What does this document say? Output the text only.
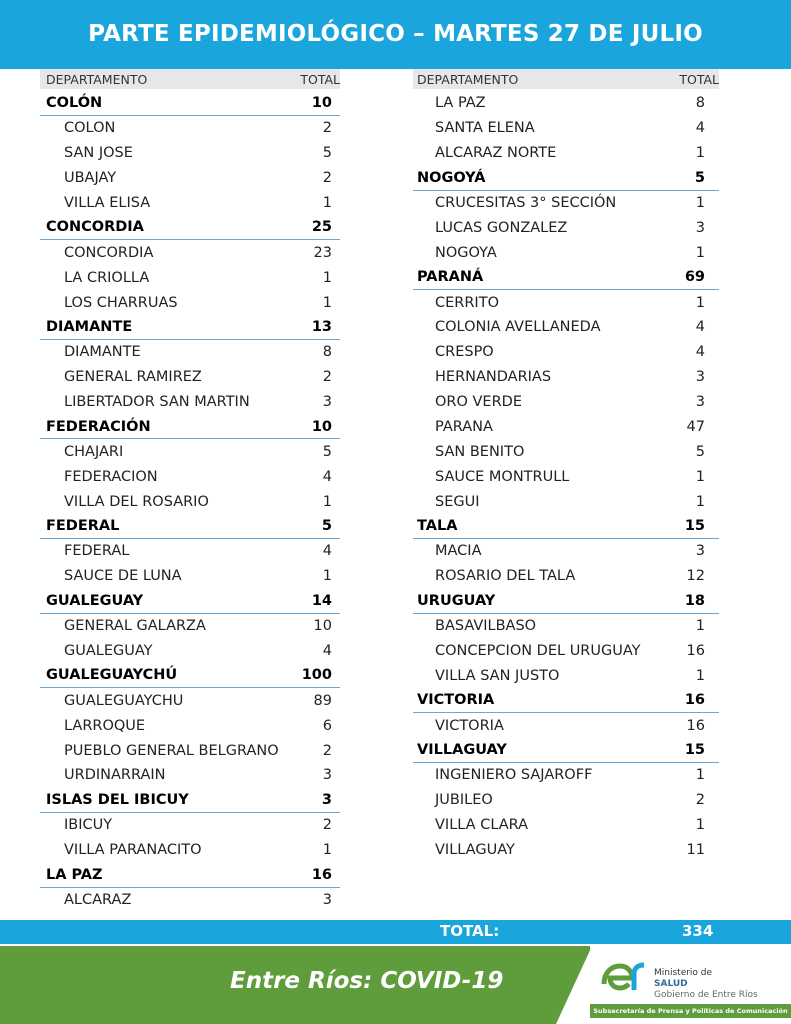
PARTE EPIDEMIOLÓGICO – MARTES 27 DE JULIO
DEPARTAMENTO	TOTAL
COLÓN	10
COLON	2
SAN JOSE	5
UBAJAY	2
VILLA ELISA	1
CONCORDIA	25
CONCORDIA	23
LA CRIOLLA	1
LOS CHARRUAS	1
DIAMANTE	13
DIAMANTE	8
GENERAL RAMIREZ	2
LIBERTADOR SAN MARTIN	3
FEDERACIÓN	10
CHAJARI	5
FEDERACION	4
VILLA DEL ROSARIO	1
FEDERAL	5
FEDERAL	4
SAUCE DE LUNA	1
GUALEGUAY	14
GENERAL GALARZA	10
GUALEGUAY	4
GUALEGUAYCHÚ	100
GUALEGUAYCHU	89
LARROQUE	6
PUEBLO GENERAL BELGRANO	2
URDINARRAIN	3
ISLAS DEL IBICUY	3
IBICUY	2
VILLA PARANACITO	1
LA PAZ	16
ALCARAZ	3
DEPARTAMENTO	TOTAL
LA PAZ	8
SANTA ELENA	4
ALCARAZ NORTE	1
NOGOYÁ	5
CRUCESITAS 3° SECCIÓN	1
LUCAS GONZALEZ	3
NOGOYA	1
PARANÁ	69
CERRITO	1
COLONIA AVELLANEDA	4
CRESPO	4
HERNANDARIAS	3
ORO VERDE	3
PARANA	47
SAN BENITO	5
SAUCE MONTRULL	1
SEGUI	1
TALA	15
MACIA	3
ROSARIO DEL TALA	12
URUGUAY	18
BASAVILBASO	1
CONCEPCION DEL URUGUAY	16
VILLA SAN JUSTO	1
VICTORIA	16
VICTORIA	16
VILLAGUAY	15
INGENIERO SAJAROFF	1
JUBILEO	2
VILLA CLARA	1
VILLAGUAY	11
TOTAL:	334
Entre Ríos: COVID-19	Ministerio de
SALUD
Gobierno de Entre Ríos
Subsecretaría de Prensa y Políticas de Comunicación
